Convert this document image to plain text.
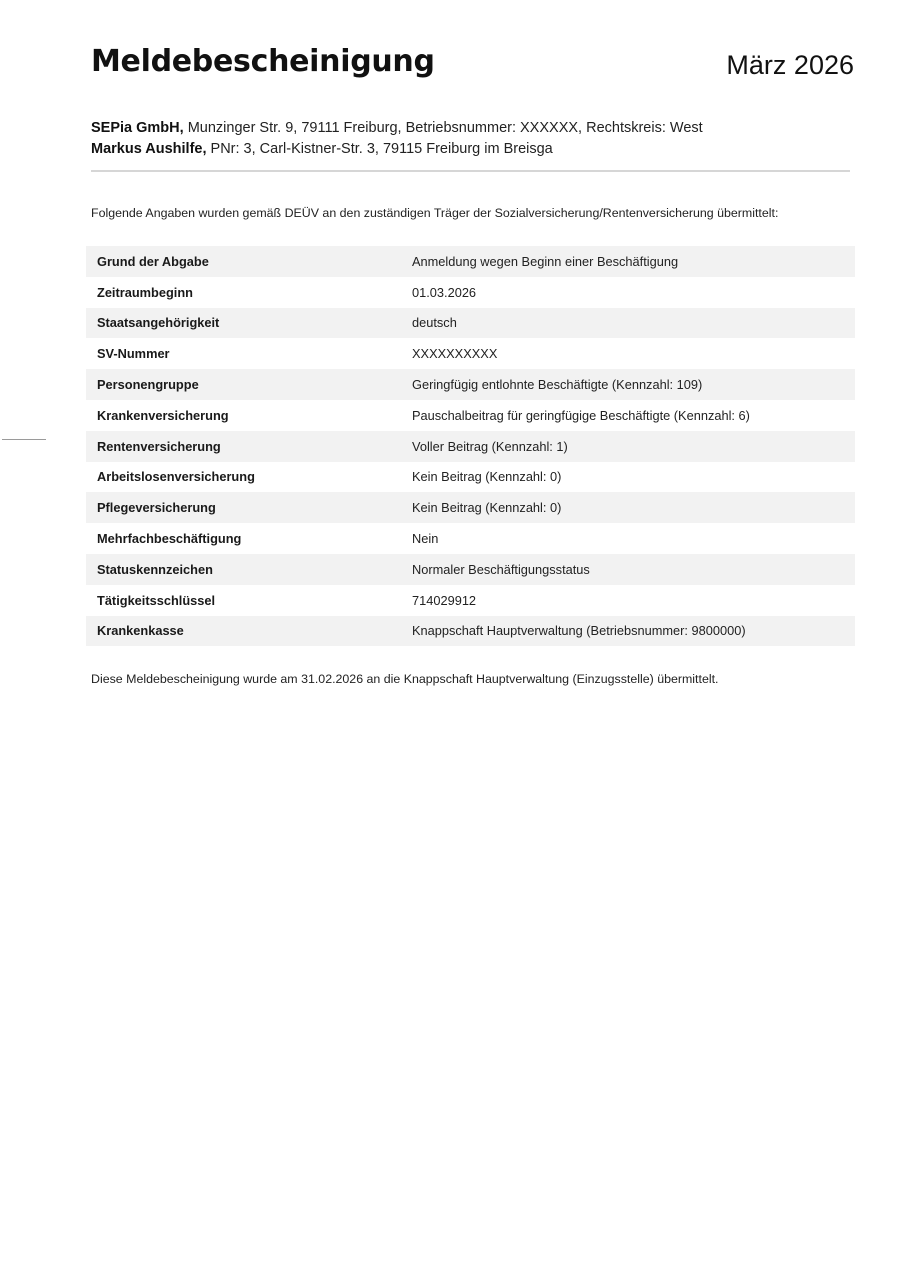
Meldebescheinigung	März 2026
SEPia GmbH, Munzinger Str. 9, 79111 Freiburg, Betriebsnummer: XXXXXX, Rechtskreis: West
Markus Aushilfe, PNr: 3, Carl-Kistner-Str. 3, 79115 Freiburg im Breisga
Folgende Angaben wurden gemäß DEÜV an den zuständigen Träger der Sozialversicherung/Rentenversicherung übermittelt:
Grund der Abgabe	Anmeldung wegen Beginn einer Beschäftigung
Zeitraumbeginn	01.03.2026
Staatsangehörigkeit	deutsch
SV-Nummer	XXXXXXXXXX
Personengruppe	Geringfügig entlohnte Beschäftigte (Kennzahl: 109)
Krankenversicherung	Pauschalbeitrag für geringfügige Beschäftigte (Kennzahl: 6)
Rentenversicherung	Voller Beitrag (Kennzahl: 1)
Arbeitslosenversicherung	Kein Beitrag (Kennzahl: 0)
Pflegeversicherung	Kein Beitrag (Kennzahl: 0)
Mehrfachbeschäftigung	Nein
Statuskennzeichen	Normaler Beschäftigungsstatus
Tätigkeitsschlüssel	714029912
Krankenkasse	Knappschaft Hauptverwaltung (Betriebsnummer: 9800000)
Diese Meldebescheinigung wurde am 31.02.2026 an die Knappschaft Hauptverwaltung (Einzugsstelle) übermittelt.
